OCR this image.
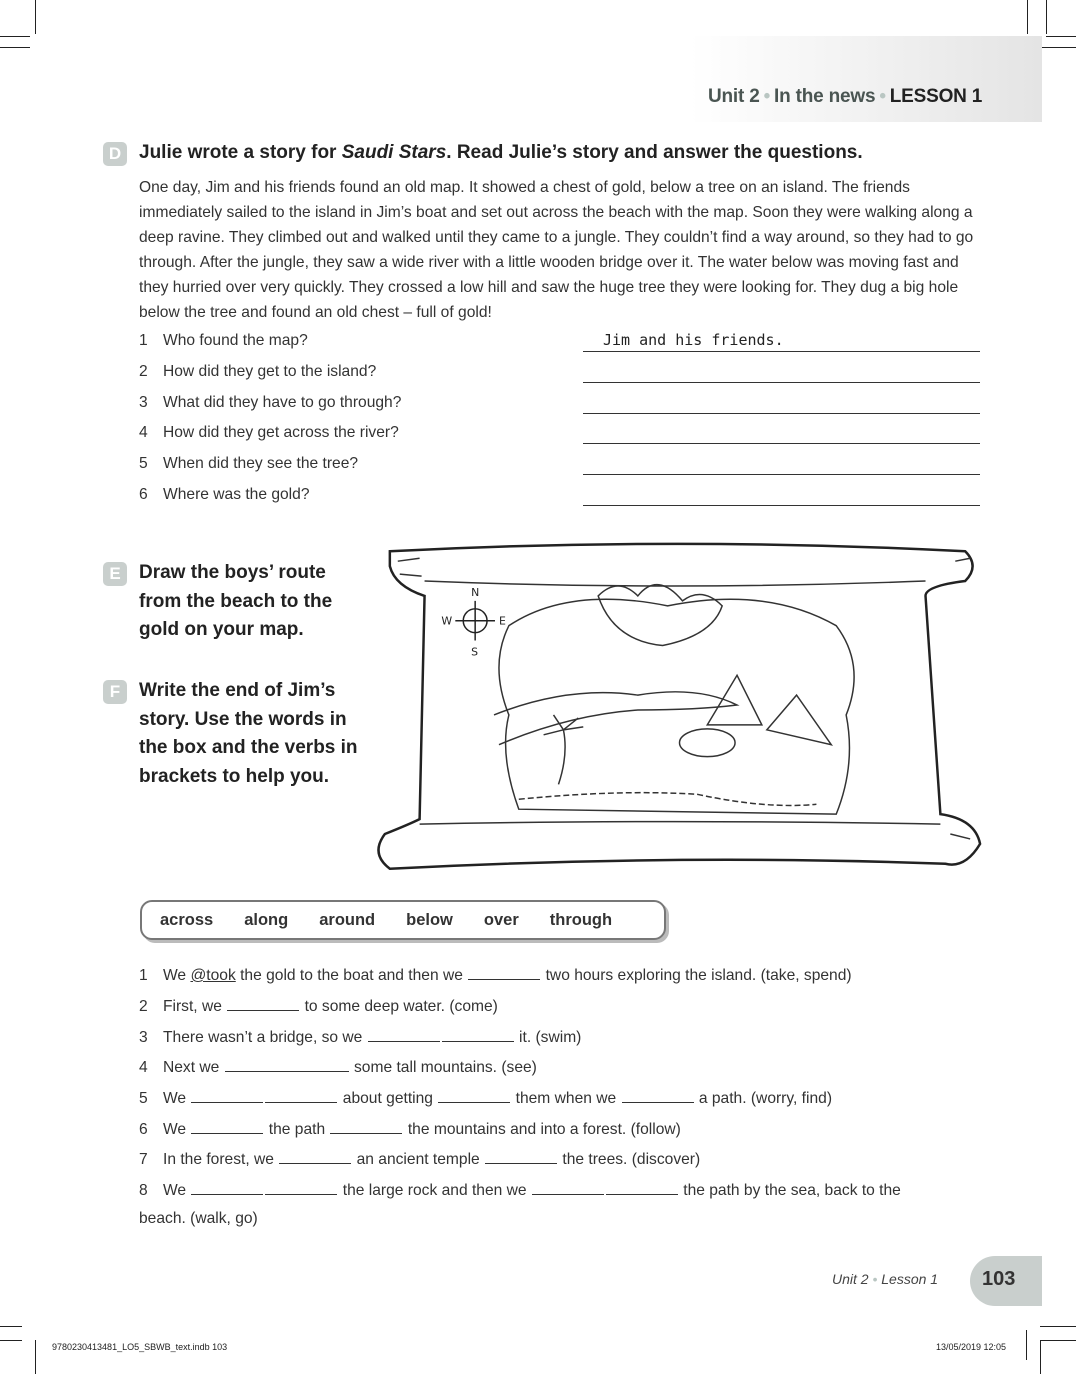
Unit 2 • In the news • LESSON 1
D Julie wrote a story for Saudi Stars. Read Julie’s story and answer the questions.
One day, Jim and his friends found an old map. It showed a chest of gold, below a tree on an island. The friends immediately sailed to the island in Jim’s boat and set out across the beach with the map. Soon they were walking along a deep ravine. They climbed out and walked until they came to a jungle. They couldn’t find a way around, so they had to go through. After the jungle, they saw a wide river with a little wooden bridge over it. The water below was moving fast and they hurried over very quickly. They crossed a low hill and saw the huge tree they were looking for. They dug a big hole below the tree and found an old chest – full of gold!
1 Who found the map?	Jim and his friends.
2 How did they get to the island?
3 What did they have to go through?
4 How did they get across the river?
5 When did they see the tree?
6 Where was the gold?
E Draw the boys’ route from the beach to the gold on your map.
F Write the end of Jim’s story. Use the words in the box and the verbs in brackets to help you.
N
E
S
W
across along around below over through
1 We @took the gold to the boat and then we	two hours exploring the island. (take, spend)
2 First, we	to some deep water. (come)
3 There wasn’t a bridge, so we	it. (swim)
4 Next we	some tall mountains. (see)
5 We	about getting	them when we	a path. (worry, find)
6 We	the path	the mountains and into a forest. (follow)
7 In the forest, we	an ancient temple	the trees. (discover)
8 We	the large rock and then we	the path by the sea, back to the beach. (walk, go)
Unit 2 • Lesson 1 103
9780230413481_LO5_SBWB_text.indb 103	13/05/2019 12:05
